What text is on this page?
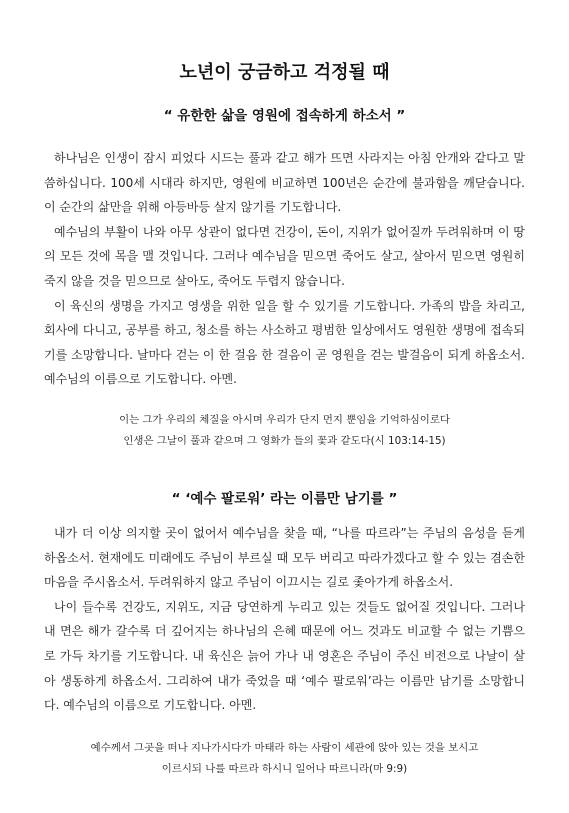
노년이 궁금하고 걱정될 때
“ 유한한 삶을 영원에 접속하게 하소서 ”

하나님은 인생이 잠시 피었다 시드는 풀과 같고 해가 뜨면 사라지는 아침 안개와 같다고 말씀하십니다. 100세 시대라 하지만, 영원에 비교하면 100년은 순간에 불과함을 깨닫습니다. 이 순간의 삶만을 위해 아등바등 살지 않기를 기도합니다.

예수님의 부활이 나와 아무 상관이 없다면 건강이, 돈이, 지위가 없어질까 두려워하며 이 땅의 모든 것에 목을 맬 것입니다. 그러나 예수님을 믿으면 죽어도 살고, 살아서 믿으면 영원히 죽지 않을 것을 믿으므로 살아도, 죽어도 두렵지 않습니다.

이 육신의 생명을 가지고 영생을 위한 일을 할 수 있기를 기도합니다. 가족의 밥을 차리고, 회사에 다니고, 공부를 하고, 청소를 하는 사소하고 평범한 일상에서도 영원한 생명에 접속되기를 소망합니다. 날마다 걷는 이 한 걸음 한 걸음이 곧 영원을 걷는 발걸음이 되게 하옵소서. 예수님의 이름으로 기도합니다. 아멘.

이는 그가 우리의 체질을 아시며 우리가 단지 먼지 뿐임을 기억하심이로다
인생은 그날이 풀과 같으며 그 영화가 들의 꽃과 같도다(시 103:14-15)
“ ‘예수 팔로워’ 라는 이름만 남기를 ”

내가 더 이상 의지할 곳이 없어서 예수님을 찾을 때, “나를 따르라”는 주님의 음성을 듣게 하옵소서. 현재에도 미래에도 주님이 부르실 때 모두 버리고 따라가겠다고 할 수 있는 겸손한 마음을 주시옵소서. 두려워하지 않고 주님이 이끄시는 길로 좇아가게 하옵소서.

나이 들수록 건강도, 지위도, 지금 당연하게 누리고 있는 것들도 없어질 것입니다. 그러나 내 면은 해가 갈수록 더 깊어지는 하나님의 은혜 때문에 어느 것과도 비교할 수 없는 기쁨으로 가득 차기를 기도합니다. 내 육신은 늙어 가나 내 영혼은 주님이 주신 비전으로 나날이 살아 생동하게 하옵소서. 그리하여 내가 죽었을 때 ‘예수 팔로워’라는 이름만 남기를 소망합니다. 예수님의 이름으로 기도합니다. 아멘.

예수께서 그곳을 떠나 지나가시다가 마태라 하는 사람이 세관에 앉아 있는 것을 보시고
이르시되 나를 따르라 하시니 일어나 따르니라(마 9:9)
